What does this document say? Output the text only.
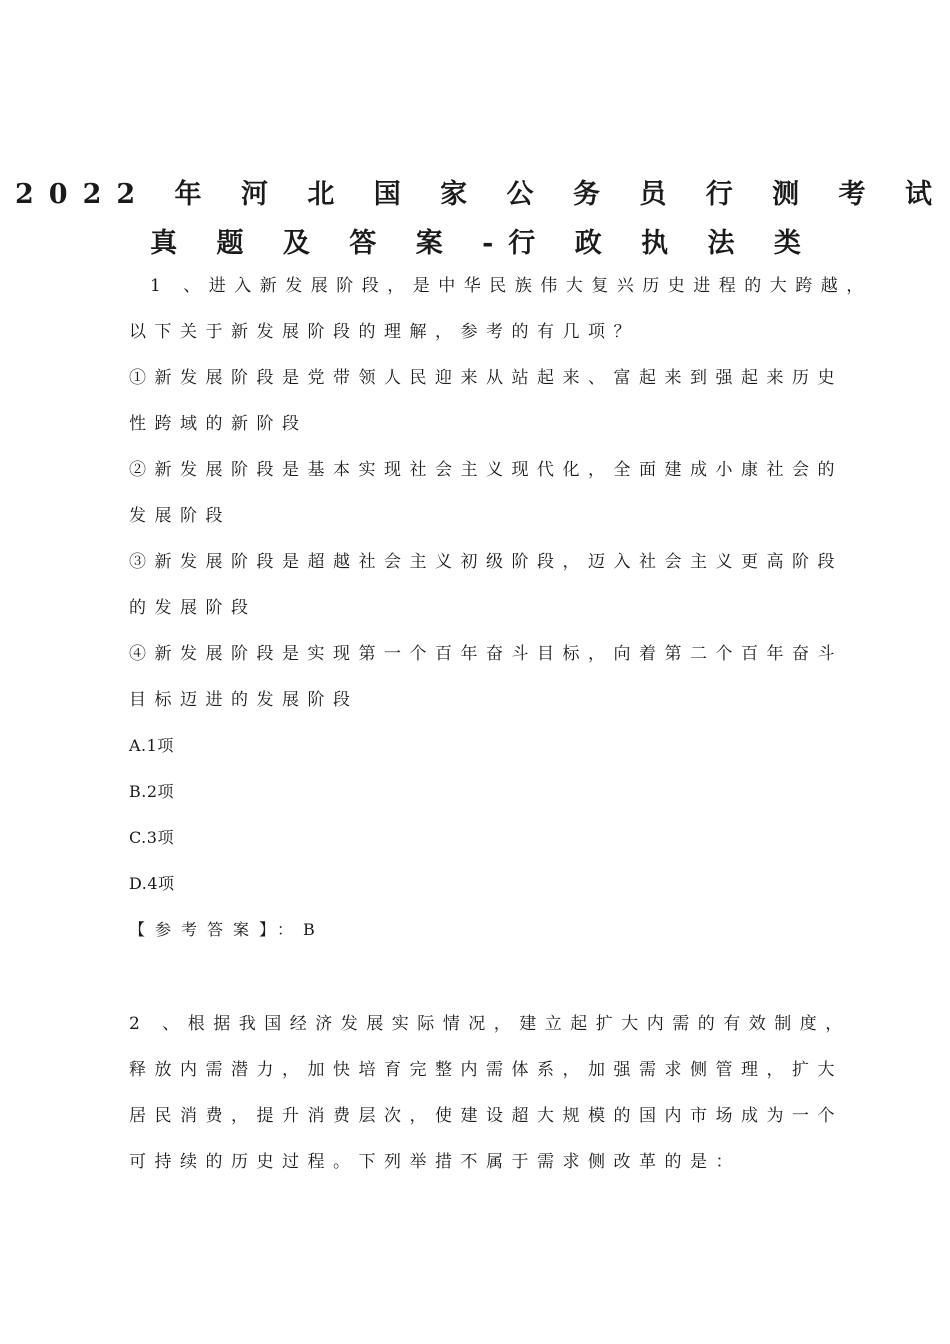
2022 年 河 北 国 家 公 务 员 行 测 考 试
真 题 及 答 案 -行 政 执 法 类
1 、进入新发展阶段，是中华民族伟大复兴历史进程的大跨越，
以下关于新发展阶段的理解，参考的有几项？
①新发展阶段是党带领人民迎来从站起来、富起来到强起来历史
性跨域的新阶段
②新发展阶段是基本实现社会主义现代化，全面建成小康社会的
发展阶段
③新发展阶段是超越社会主义初级阶段，迈入社会主义更高阶段
的发展阶段
④新发展阶段是实现第一个百年奋斗目标，向着第二个百年奋斗
目标迈进的发展阶段
A.1项
B.2项
C.3项
D.4项
【参考答案】：B
2 、根据我国经济发展实际情况，建立起扩大内需的有效制度，
释放内需潜力，加快培育完整内需体系，加强需求侧管理，扩大
居民消费，提升消费层次，使建设超大规模的国内市场成为一个
可持续的历史过程。下列举措不属于需求侧改革的是：
